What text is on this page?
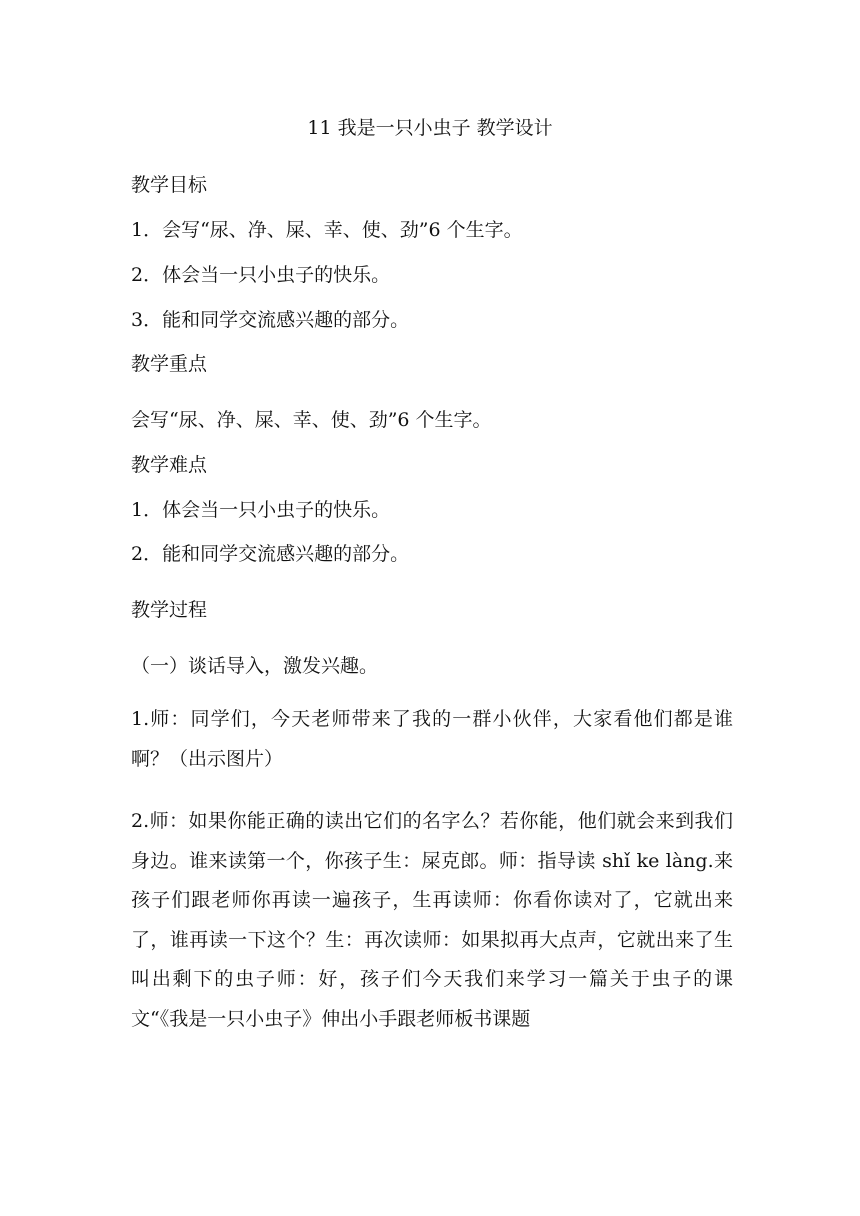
11 我是一只小虫子 教学设计
教学目标
1．会写“尿、净、屎、幸、使、劲”6 个生字。
2．体会当一只小虫子的快乐。
3．能和同学交流感兴趣的部分。
教学重点
会写“尿、净、屎、幸、使、劲”6 个生字。
教学难点
1．体会当一只小虫子的快乐。
2．能和同学交流感兴趣的部分。
教学过程
（一）谈话导入，激发兴趣。
1.师：同学们，今天老师带来了我的一群小伙伴，大家看他们都是谁啊？（出示图片）
2.师：如果你能正确的读出它们的名字么？若你能，他们就会来到我们身边。谁来读第一个，你孩子生：屎克郎。师：指导读 shǐ ke làng.来孩子们跟老师你再读一遍孩子，生再读师：你看你读对了，它就出来了，谁再读一下这个？生：再次读师：如果拟再大点声，它就出来了生叫出剩下的虫子师：好，孩子们今天我们来学习一篇关于虫子的课文“《我是一只小虫子》伸出小手跟老师板书课题
